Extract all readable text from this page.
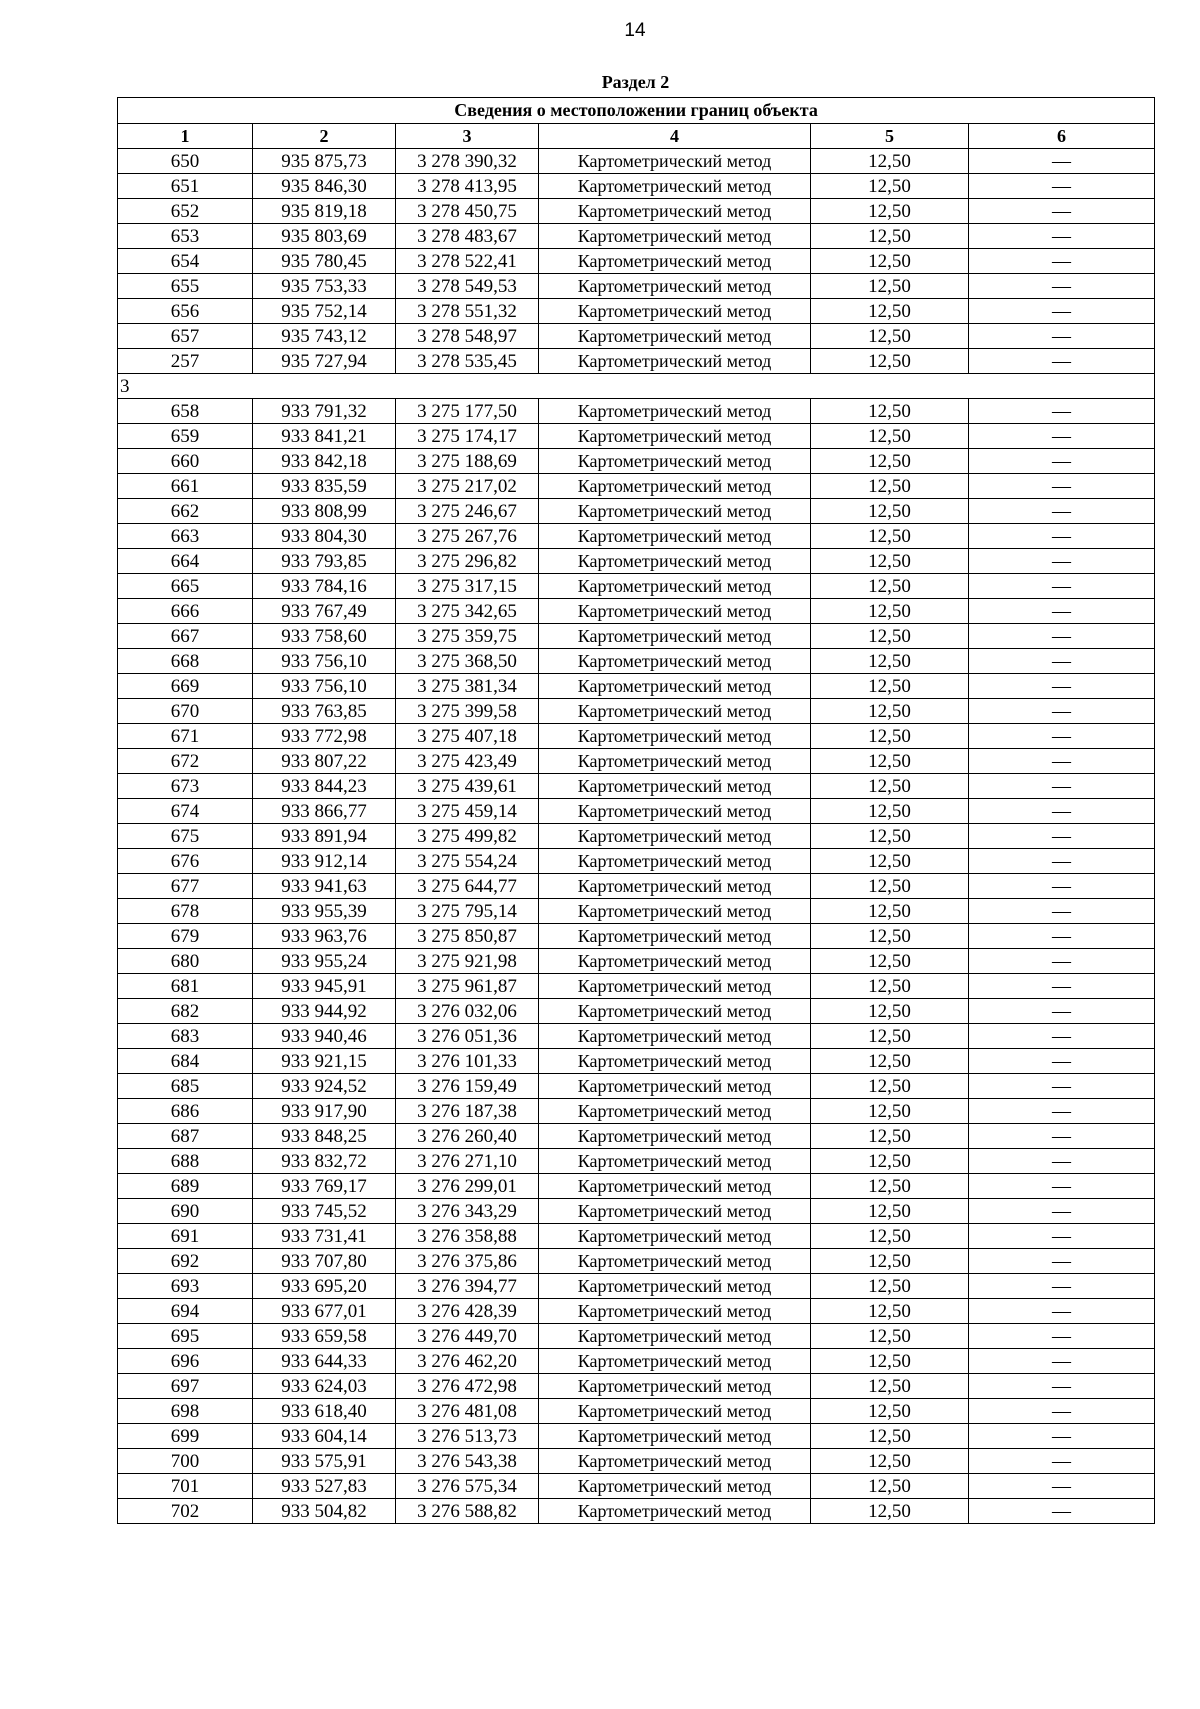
14
Раздел 2
Сведения о местоположении границ объекта					
1	2	3	4	5	6
650	935 875,73	3 278 390,32	Картометрический метод	12,50	—
651	935 846,30	3 278 413,95	Картометрический метод	12,50	—
652	935 819,18	3 278 450,75	Картометрический метод	12,50	—
653	935 803,69	3 278 483,67	Картометрический метод	12,50	—
654	935 780,45	3 278 522,41	Картометрический метод	12,50	—
655	935 753,33	3 278 549,53	Картометрический метод	12,50	—
656	935 752,14	3 278 551,32	Картометрический метод	12,50	—
657	935 743,12	3 278 548,97	Картометрический метод	12,50	—
257	935 727,94	3 278 535,45	Картометрический метод	12,50	—
3					
658	933 791,32	3 275 177,50	Картометрический метод	12,50	—
659	933 841,21	3 275 174,17	Картометрический метод	12,50	—
660	933 842,18	3 275 188,69	Картометрический метод	12,50	—
661	933 835,59	3 275 217,02	Картометрический метод	12,50	—
662	933 808,99	3 275 246,67	Картометрический метод	12,50	—
663	933 804,30	3 275 267,76	Картометрический метод	12,50	—
664	933 793,85	3 275 296,82	Картометрический метод	12,50	—
665	933 784,16	3 275 317,15	Картометрический метод	12,50	—
666	933 767,49	3 275 342,65	Картометрический метод	12,50	—
667	933 758,60	3 275 359,75	Картометрический метод	12,50	—
668	933 756,10	3 275 368,50	Картометрический метод	12,50	—
669	933 756,10	3 275 381,34	Картометрический метод	12,50	—
670	933 763,85	3 275 399,58	Картометрический метод	12,50	—
671	933 772,98	3 275 407,18	Картометрический метод	12,50	—
672	933 807,22	3 275 423,49	Картометрический метод	12,50	—
673	933 844,23	3 275 439,61	Картометрический метод	12,50	—
674	933 866,77	3 275 459,14	Картометрический метод	12,50	—
675	933 891,94	3 275 499,82	Картометрический метод	12,50	—
676	933 912,14	3 275 554,24	Картометрический метод	12,50	—
677	933 941,63	3 275 644,77	Картометрический метод	12,50	—
678	933 955,39	3 275 795,14	Картометрический метод	12,50	—
679	933 963,76	3 275 850,87	Картометрический метод	12,50	—
680	933 955,24	3 275 921,98	Картометрический метод	12,50	—
681	933 945,91	3 275 961,87	Картометрический метод	12,50	—
682	933 944,92	3 276 032,06	Картометрический метод	12,50	—
683	933 940,46	3 276 051,36	Картометрический метод	12,50	—
684	933 921,15	3 276 101,33	Картометрический метод	12,50	—
685	933 924,52	3 276 159,49	Картометрический метод	12,50	—
686	933 917,90	3 276 187,38	Картометрический метод	12,50	—
687	933 848,25	3 276 260,40	Картометрический метод	12,50	—
688	933 832,72	3 276 271,10	Картометрический метод	12,50	—
689	933 769,17	3 276 299,01	Картометрический метод	12,50	—
690	933 745,52	3 276 343,29	Картометрический метод	12,50	—
691	933 731,41	3 276 358,88	Картометрический метод	12,50	—
692	933 707,80	3 276 375,86	Картометрический метод	12,50	—
693	933 695,20	3 276 394,77	Картометрический метод	12,50	—
694	933 677,01	3 276 428,39	Картометрический метод	12,50	—
695	933 659,58	3 276 449,70	Картометрический метод	12,50	—
696	933 644,33	3 276 462,20	Картометрический метод	12,50	—
697	933 624,03	3 276 472,98	Картометрический метод	12,50	—
698	933 618,40	3 276 481,08	Картометрический метод	12,50	—
699	933 604,14	3 276 513,73	Картометрический метод	12,50	—
700	933 575,91	3 276 543,38	Картометрический метод	12,50	—
701	933 527,83	3 276 575,34	Картометрический метод	12,50	—
702	933 504,82	3 276 588,82	Картометрический метод	12,50	—
